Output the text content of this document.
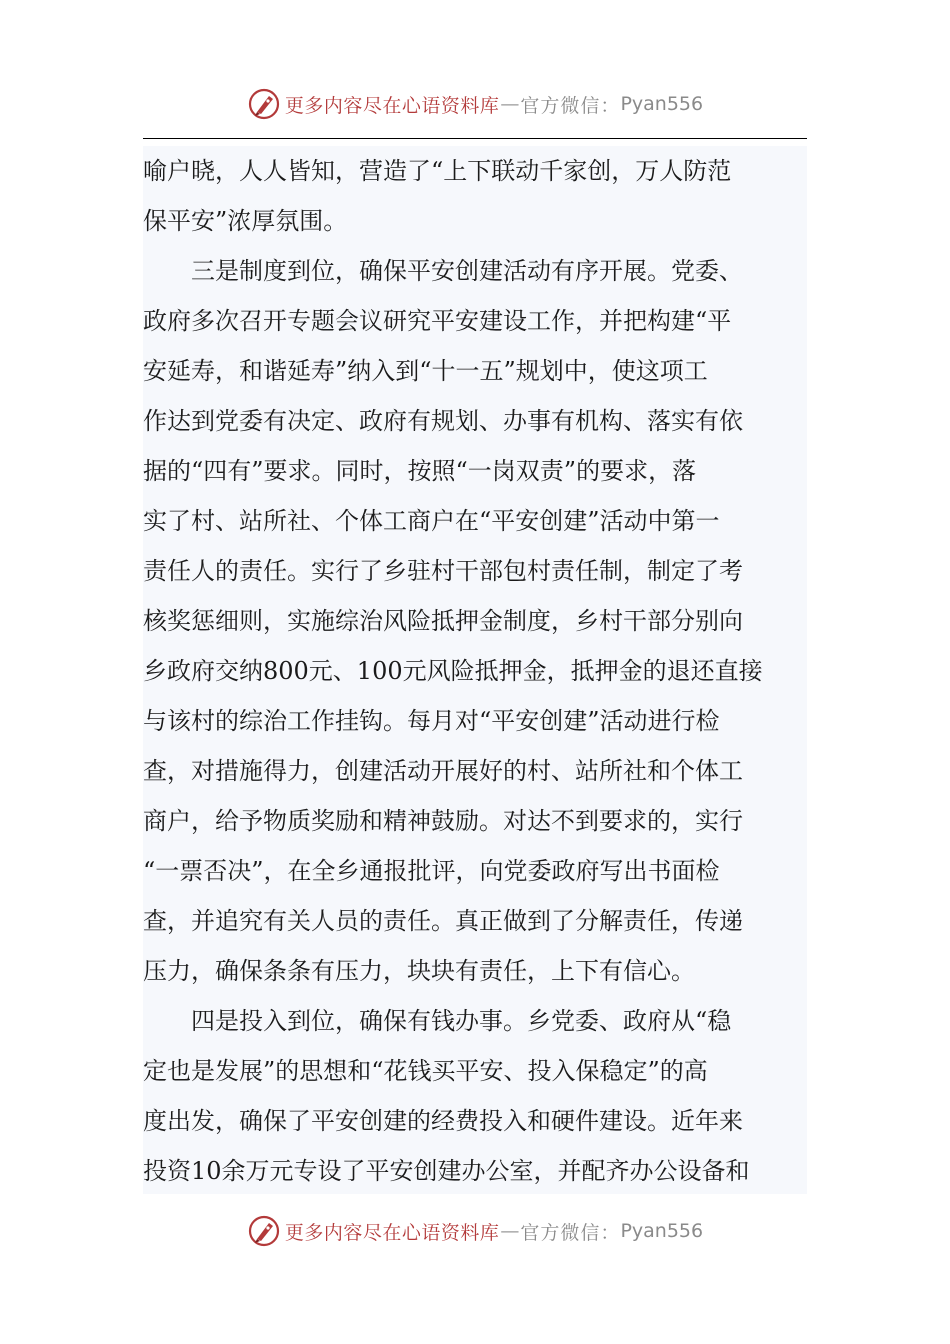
更多内容尽在心语资料库 — 官方微信： Pyan556
喻户晓，人人皆知，营造了“上下联动千家创，万人防范
保平安”浓厚氛围。
　　三是制度到位，确保平安创建活动有序开展。党委、
政府多次召开专题会议研究平安建设工作，并把构建“平
安延寿，和谐延寿”纳入到“十一五”规划中，使这项工
作达到党委有决定、政府有规划、办事有机构、落实有依
据的“四有”要求。同时，按照“一岗双责”的要求，落
实了村、站所社、个体工商户在“平安创建”活动中第一
责任人的责任。实行了乡驻村干部包村责任制，制定了考
核奖惩细则，实施综治风险抵押金制度，乡村干部分别向
乡政府交纳800元、100元风险抵押金，抵押金的退还直接
与该村的综治工作挂钩。每月对“平安创建”活动进行检
查，对措施得力，创建活动开展好的村、站所社和个体工
商户，给予物质奖励和精神鼓励。对达不到要求的，实行
“一票否决”，在全乡通报批评，向党委政府写出书面检
查，并追究有关人员的责任。真正做到了分解责任，传递
压力，确保条条有压力，块块有责任，上下有信心。
　　四是投入到位，确保有钱办事。乡党委、政府从“稳
定也是发展”的思想和“花钱买平安、投入保稳定”的高
度出发，确保了平安创建的经费投入和硬件建设。近年来
投资10余万元专设了平安创建办公室，并配齐办公设备和
更多内容尽在心语资料库 — 官方微信： Pyan556
